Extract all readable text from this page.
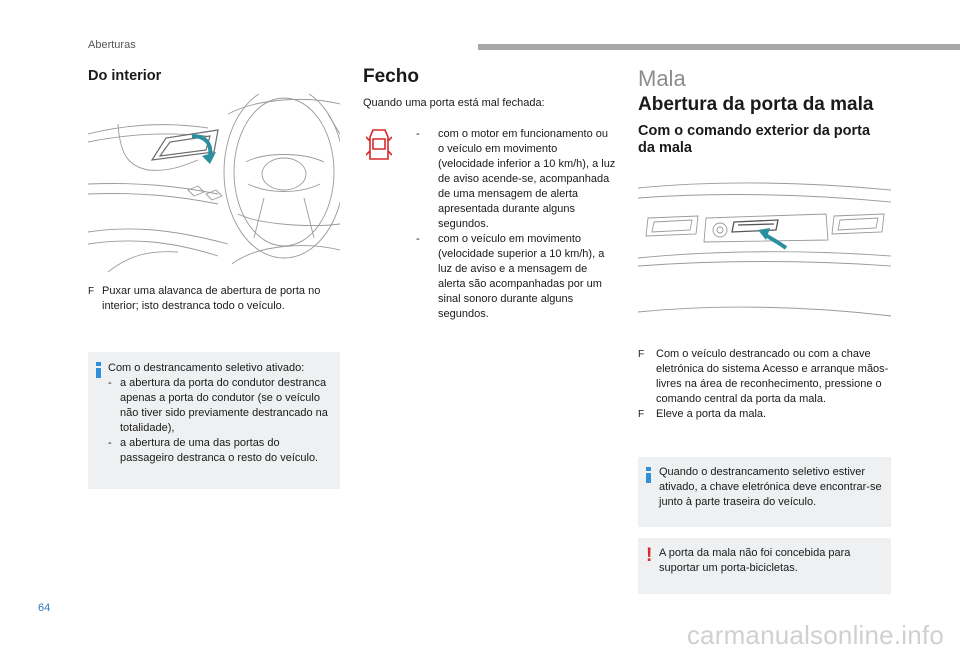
Aberturas
Do interior
F Puxar uma alavanca de abertura de porta no interior; isto destranca todo o veículo.
Com o destrancamento seletivo ativado:
- a abertura da porta do condutor destranca apenas a porta do condutor (se o veículo não tiver sido previamente destrancado na totalidade),
- a abertura de uma das portas do passageiro destranca o resto do veículo.
Fecho
Quando uma porta está mal fechada:
-	com o motor em funcionamento ou o veículo em movimento (velocidade inferior a 10 km/h), a luz de aviso acende-se, acompanhada de uma mensagem de alerta apresentada durante alguns segundos.
-	com o veículo em movimento (velocidade superior a 10 km/h), a luz de aviso e a mensagem de alerta são acompanhadas por um sinal sonoro durante alguns segundos.
Mala
Abertura da porta da mala
Com o comando exterior da porta da mala
F	Com o veículo destrancado ou com a chave eletrónica do sistema Acesso e arranque mãos-livres na área de reconhecimento, pressione o comando central da porta da mala.
F	Eleve a porta da mala.
Quando o destrancamento seletivo estiver ativado, a chave eletrónica deve encontrar-se junto à parte traseira do veículo.
! A porta da mala não foi concebida para suportar um porta-bicicletas.
64
carmanualsonline.info
